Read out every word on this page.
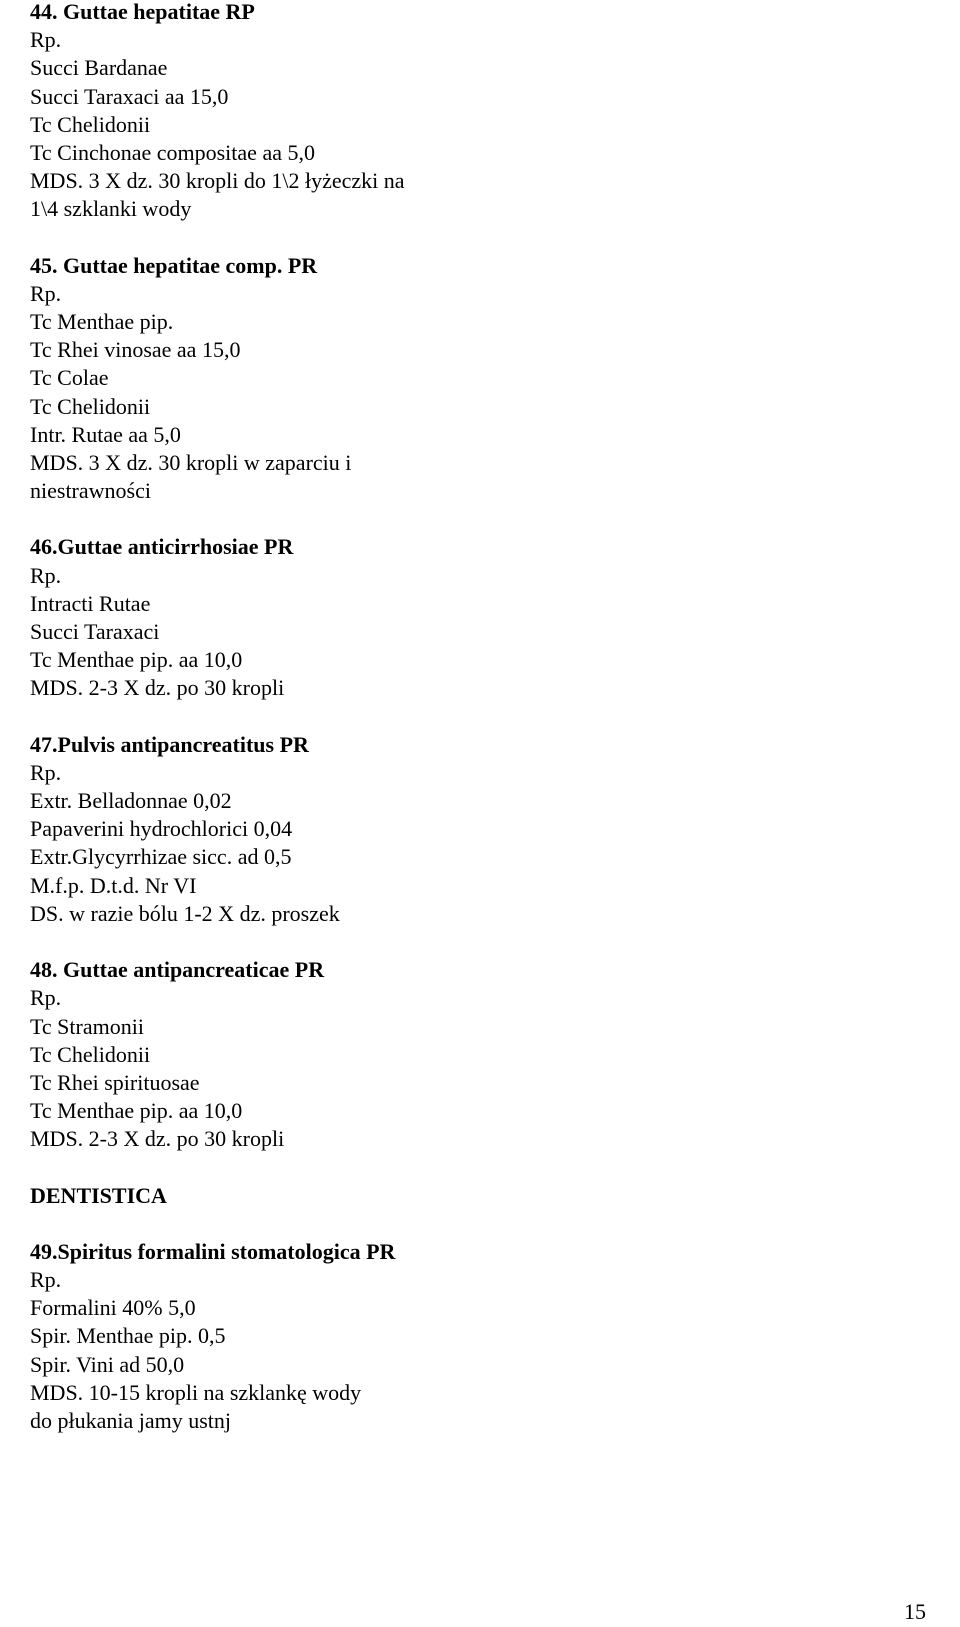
44. Guttae hepatitae RP
Rp.
Succi Bardanae
Succi Taraxaci aa 15,0
Tc Chelidonii
Tc Cinchonae compositae aa 5,0
MDS. 3 X dz. 30 kropli do 1\2 łyżeczki na
1\4 szklanki wody
45. Guttae hepatitae comp. PR
Rp.
Tc Menthae pip.
Tc Rhei vinosae aa 15,0
Tc Colae
Tc Chelidonii
Intr. Rutae aa 5,0
MDS. 3 X dz. 30 kropli w zaparciu i
niestrawności
46.Guttae anticirrhosiae PR
Rp.
Intracti Rutae
Succi Taraxaci
Tc Menthae pip. aa 10,0
MDS. 2-3 X dz. po 30 kropli
47.Pulvis antipancreatitus PR
Rp.
Extr. Belladonnae 0,02
Papaverini hydrochlorici 0,04
Extr.Glycyrrhizae sicc. ad 0,5
M.f.p. D.t.d. Nr VI
DS. w razie bólu 1-2 X dz. proszek
48. Guttae antipancreaticae PR
Rp.
Tc Stramonii
Tc Chelidonii
Tc Rhei spirituosae
Tc Menthae pip. aa 10,0
MDS. 2-3 X dz. po 30 kropli
DENTISTICA
49.Spiritus formalini stomatologica PR
Rp.
Formalini 40% 5,0
Spir. Menthae pip. 0,5
Spir. Vini ad 50,0
MDS. 10-15 kropli na szklankę wody
do płukania jamy ustnj
15
